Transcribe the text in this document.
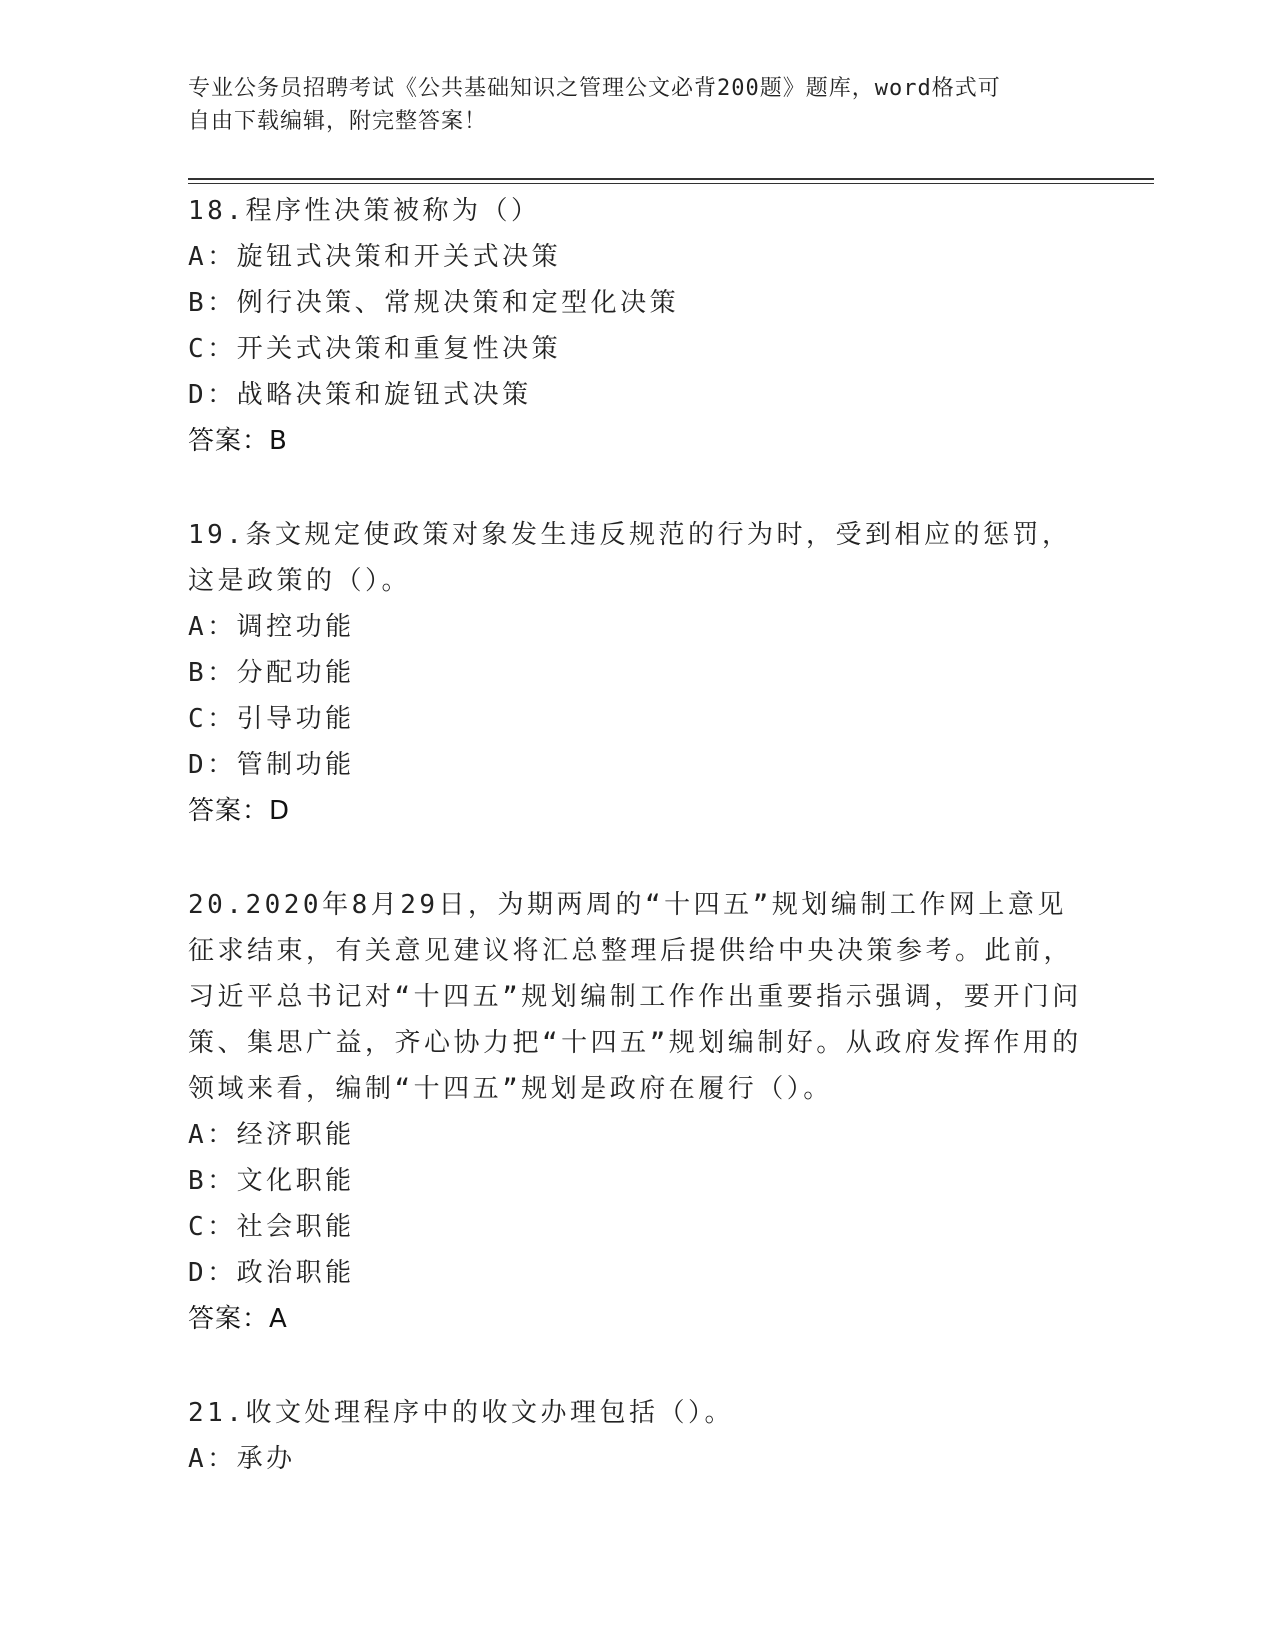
专业公务员招聘考试《公共基础知识之管理公文必背200题》题库，word格式可
自由下载编辑，附完整答案！
18.程序性决策被称为（）
A：旋钮式决策和开关式决策
B：例行决策、常规决策和定型化决策
C：开关式决策和重复性决策
D：战略决策和旋钮式决策
答案：B
19.条文规定使政策对象发生违反规范的行为时，受到相应的惩罚，这是政策的（）。
A：调控功能
B：分配功能
C：引导功能
D：管制功能
答案：D
20.2020年8月29日，为期两周的“十四五”规划编制工作网上意见征求结束，有关意见建议将汇总整理后提供给中央决策参考。此前，习近平总书记对“十四五”规划编制工作作出重要指示强调，要开门问策、集思广益，齐心协力把“十四五”规划编制好。从政府发挥作用的领域来看，编制“十四五”规划是政府在履行（）。
A：经济职能
B：文化职能
C：社会职能
D：政治职能
答案：A
21.收文处理程序中的收文办理包括（）。
A：承办
